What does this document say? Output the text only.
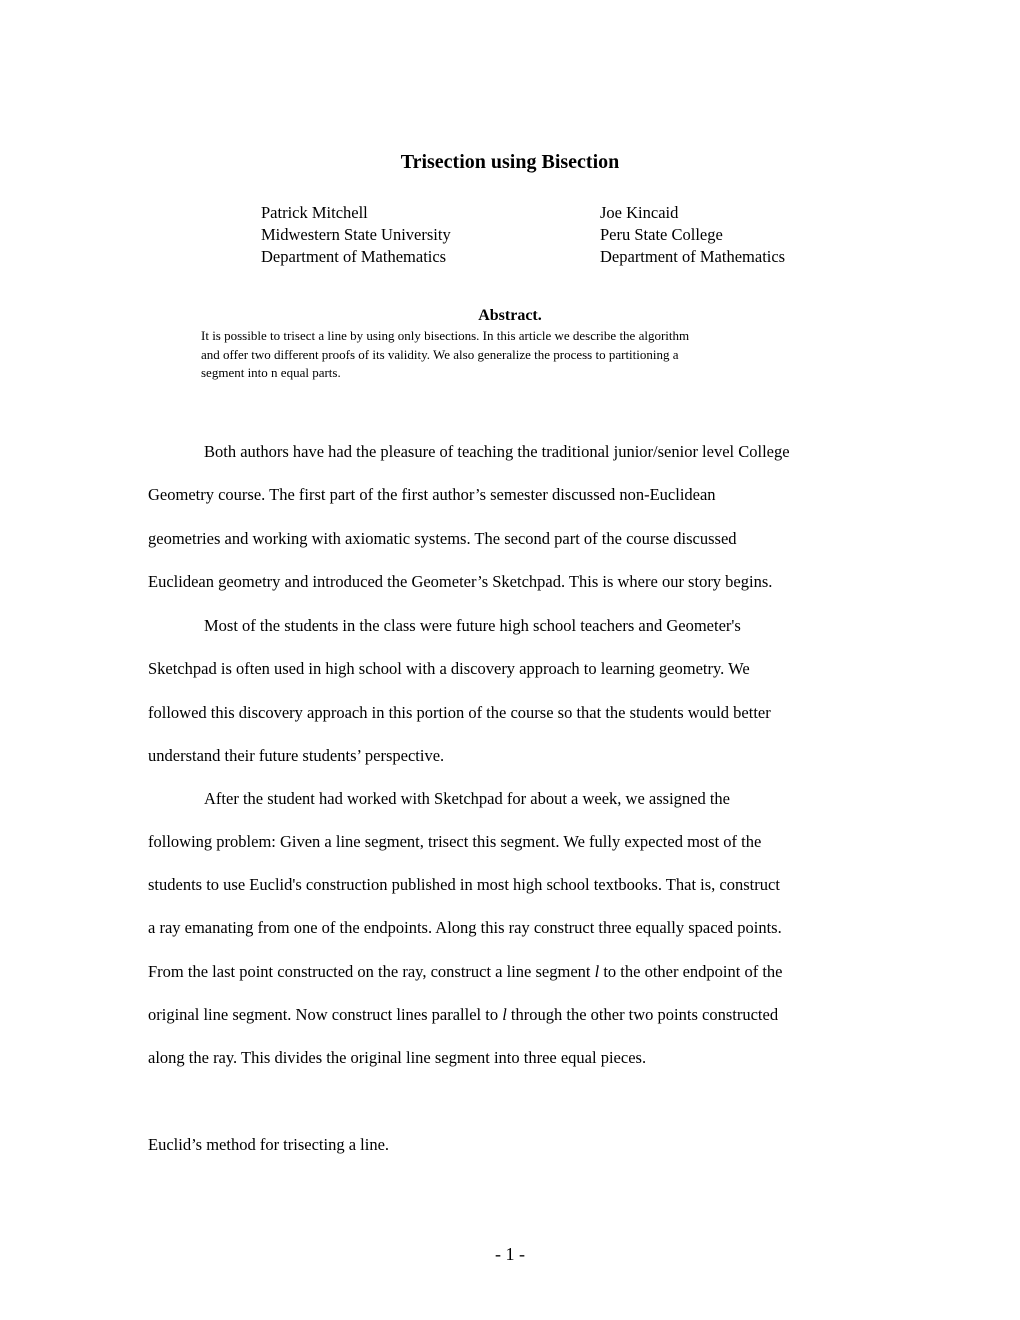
Trisection using Bisection
Patrick Mitchell
Midwestern State University
Department of Mathematics
Joe Kincaid
Peru State College
Department of Mathematics
Abstract.
It is possible to trisect a line by using only bisections. In this article we describe the algorithm
and offer two different proofs of its validity. We also generalize the process to partitioning a
segment into n equal parts.
Both authors have had the pleasure of teaching the traditional junior/senior level College
Geometry course. The first part of the first author’s semester discussed non-Euclidean
geometries and working with axiomatic systems. The second part of the course discussed
Euclidean geometry and introduced the Geometer’s Sketchpad. This is where our story begins.
Most of the students in the class were future high school teachers and Geometer's
Sketchpad is often used in high school with a discovery approach to learning geometry. We
followed this discovery approach in this portion of the course so that the students would better
understand their future students’ perspective.
After the student had worked with Sketchpad for about a week, we assigned the
following problem: Given a line segment, trisect this segment. We fully expected most of the
students to use Euclid's construction published in most high school textbooks. That is, construct
a ray emanating from one of the endpoints. Along this ray construct three equally spaced points.
From the last point constructed on the ray, construct a line segment l to the other endpoint of the
original line segment. Now construct lines parallel to l through the other two points constructed
along the ray. This divides the original line segment into three equal pieces.
Euclid’s method for trisecting a line.
- 1 -
